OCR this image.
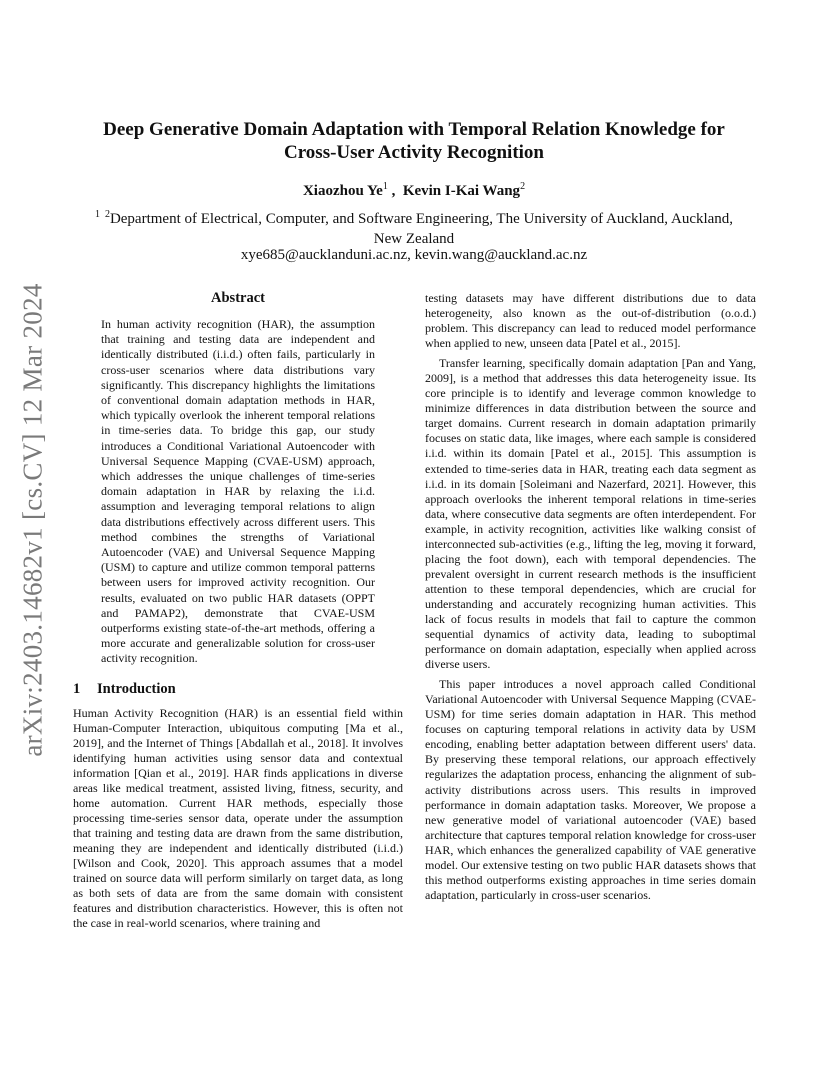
arXiv:2403.14682v1 [cs.CV] 12 Mar 2024
Deep Generative Domain Adaptation with Temporal Relation Knowledge for Cross-User Activity Recognition
Xiaozhou Ye$^1$ ,  Kevin I-Kai Wang$^2$
$^{1 2}$Department of Electrical, Computer, and Software Engineering, The University of Auckland, Auckland, New Zealand
xye685@aucklanduni.ac.nz, kevin.wang@auckland.ac.nz
Abstract

In human activity recognition (HAR), the assumption that training and testing data are independent and identically distributed (i.i.d.) often fails, particularly in cross-user scenarios where data distributions vary significantly. This discrepancy highlights the limitations of conventional domain adaptation methods in HAR, which typically overlook the inherent temporal relations in time-series data. To bridge this gap, our study introduces a Conditional Variational Autoencoder with Universal Sequence Mapping (CVAE-USM) approach, which addresses the unique challenges of time-series domain adaptation in HAR by relaxing the i.i.d. assumption and leveraging temporal relations to align data distributions effectively across different users. This method combines the strengths of Variational Autoencoder (VAE) and Universal Sequence Mapping (USM) to capture and utilize common temporal patterns between users for improved activity recognition. Our results, evaluated on two public HAR datasets (OPPT and PAMAP2), demonstrate that CVAE-USM outperforms existing state-of-the-art methods, offering a more accurate and generalizable solution for cross-user activity recognition.

1 Introduction

Human Activity Recognition (HAR) is an essential field within Human-Computer Interaction, ubiquitous computing [Ma et al., 2019], and the Internet of Things [Abdallah et al., 2018]. It involves identifying human activities using sensor data and contextual information [Qian et al., 2019]. HAR finds applications in diverse areas like medical treatment, assisted living, fitness, security, and home automation. Current HAR methods, especially those processing time-series sensor data, operate under the assumption that training and testing data are drawn from the same distribution, meaning they are independent and identically distributed (i.i.d.) [Wilson and Cook, 2020]. This approach assumes that a model trained on source data will perform similarly on target data, as long as both sets of data are from the same domain with consistent features and distribution characteristics. However, this is often not the case in real-world scenarios, where training and

testing datasets may have different distributions due to data heterogeneity, also known as the out-of-distribution (o.o.d.) problem. This discrepancy can lead to reduced model performance when applied to new, unseen data [Patel et al., 2015].

Transfer learning, specifically domain adaptation [Pan and Yang, 2009], is a method that addresses this data heterogeneity issue. Its core principle is to identify and leverage common knowledge to minimize differences in data distribution between the source and target domains. Current research in domain adaptation primarily focuses on static data, like images, where each sample is considered i.i.d. within its domain [Patel et al., 2015]. This assumption is extended to time-series data in HAR, treating each data segment as i.i.d. in its domain [Soleimani and Nazerfard, 2021]. However, this approach overlooks the inherent temporal relations in time-series data, where consecutive data segments are often interdependent. For example, in activity recognition, activities like walking consist of interconnected sub-activities (e.g., lifting the leg, moving it forward, placing the foot down), each with temporal dependencies. The prevalent oversight in current research methods is the insufficient attention to these temporal dependencies, which are crucial for understanding and accurately recognizing human activities. This lack of focus results in models that fail to capture the common sequential dynamics of activity data, leading to suboptimal performance on domain adaptation, especially when applied across diverse users.

This paper introduces a novel approach called Conditional Variational Autoencoder with Universal Sequence Mapping (CVAE-USM) for time series domain adaptation in HAR. This method focuses on capturing temporal relations in activity data by USM encoding, enabling better adaptation between different users' data. By preserving these temporal relations, our approach effectively regularizes the adaptation process, enhancing the alignment of sub-activity distributions across users. This results in improved performance in domain adaptation tasks. Moreover, We propose a new generative model of variational autoencoder (VAE) based architecture that captures temporal relation knowledge for cross-user HAR, which enhances the generalized capability of VAE generative model. Our extensive testing on two public HAR datasets shows that this method outperforms existing approaches in time series domain adaptation, particularly in cross-user scenarios.
